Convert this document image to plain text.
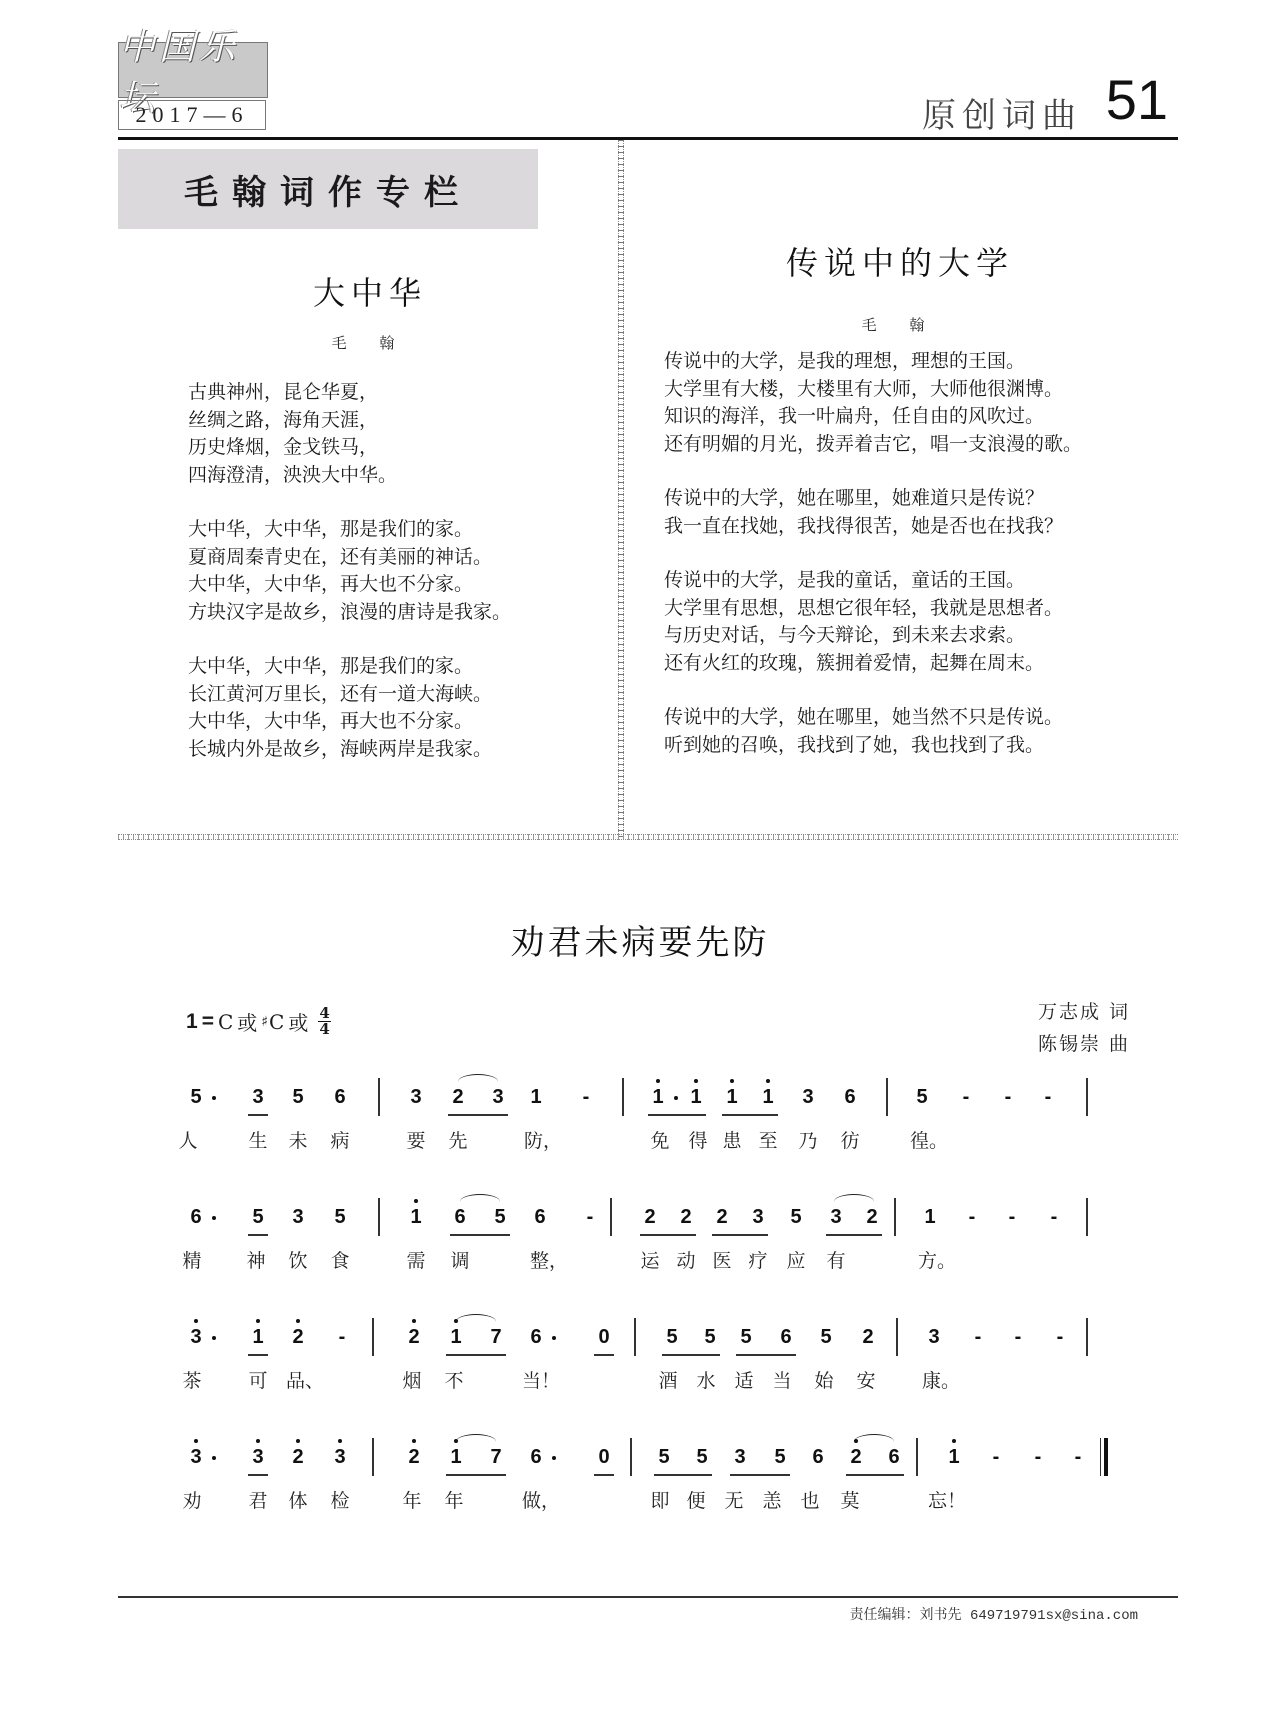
中国乐坛
2017—6	原创词曲 51
毛翰词作专栏
大中华
毛 翰
古典神州，昆仑华夏，
丝绸之路，海角天涯，
历史烽烟，金戈铁马，
四海澄清，泱泱大中华。
大中华，大中华，那是我们的家。
夏商周秦青史在，还有美丽的神话。
大中华，大中华，再大也不分家。
方块汉字是故乡，浪漫的唐诗是我家。
大中华，大中华，那是我们的家。
长江黄河万里长，还有一道大海峡。
大中华，大中华，再大也不分家。
长城内外是故乡，海峡两岸是我家。
传说中的大学
毛 翰
传说中的大学，是我的理想，理想的王国。
大学里有大楼，大楼里有大师，大师他很渊博。
知识的海洋，我一叶扁舟，任自由的风吹过。
还有明媚的月光，拨弄着吉它，唱一支浪漫的歌。
传说中的大学，她在哪里，她难道只是传说？
我一直在找她，我找得很苦，她是否也在找我？
传说中的大学，是我的童话，童话的王国。
大学里有思想，思想它很年轻，我就是思想者。
与历史对话，与今天辩论，到未来去求索。
还有火红的玫瑰，簇拥着爱情，起舞在周末。
传说中的大学，她在哪里，她当然不只是传说。
听到她的召唤，我找到了她，我也找到了我。
劝君未病要先防
1 = C 或 ♯ C 或 $\frac{4}{4}$	万志成 词
陈锡崇 曲
5	3 5 6	3 2 3 1	-	1 1 1 1 3 6	5	-	-	-
人	生 未 病	要 先	防，	免 得 患 至 乃 彷	徨。
6	5 3 5	1 6 5 6	-	2 2 2 3 5 3 2 1	-	-	-
精 神 饮 食	需 调	整，	运 动 医 疗 应 有	方。
3	1 2	-	2 1 7 6	0	5 5 5 6 5 2	3	-	-	-
茶 可 品、	烟 不	当！	酒 水 适 当 始 安 康。
3	3 2 3	2 1 7 6	0 5 5 3 5 6 2 6 1	-	-	-
劝 君 体 检	年 年	做，	即 便 无 恙 也 莫	忘！
责任编辑：刘书先 649719791sx@sina.com
